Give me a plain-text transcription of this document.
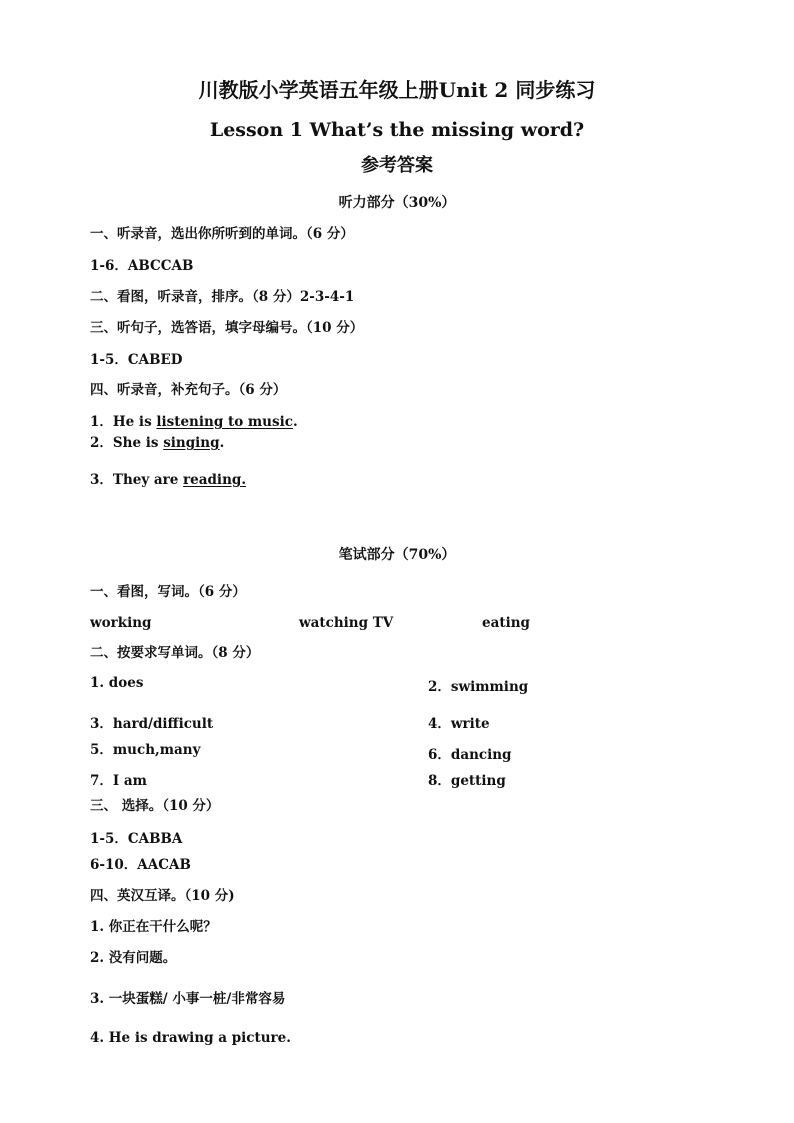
川教版小学英语五年级上册Unit 2 同步练习
Lesson 1 What’s the missing word?
参考答案
听力部分（30%）
一、听录音，选出你所听到的单词。（6 分）
1-6．ABCCAB
二、看图，听录音，排序。（8 分）2-3-4-1
三、听句子，选答语，填字母编号。（10 分）
1-5．CABED
四、听录音，补充句子。（6 分）
1．He is listening to music.
2．She is singing.
3．They are reading.
笔试部分（70%）
一、看图，写词。（6 分）
working	watching TV	eating
二、按要求写单词。（8 分）
1. does	2．swimming
3．hard/difficult	4．write
5．much,many	6．dancing
7．I am	8．getting
三、 选择。（10 分）
1-5．CABBA
6-10．AACAB
四、英汉互译。（10 分)
1. 你正在干什么呢？
2. 没有问题。
3. 一块蛋糕/ 小事一桩/非常容易
4. He is drawing a picture.
